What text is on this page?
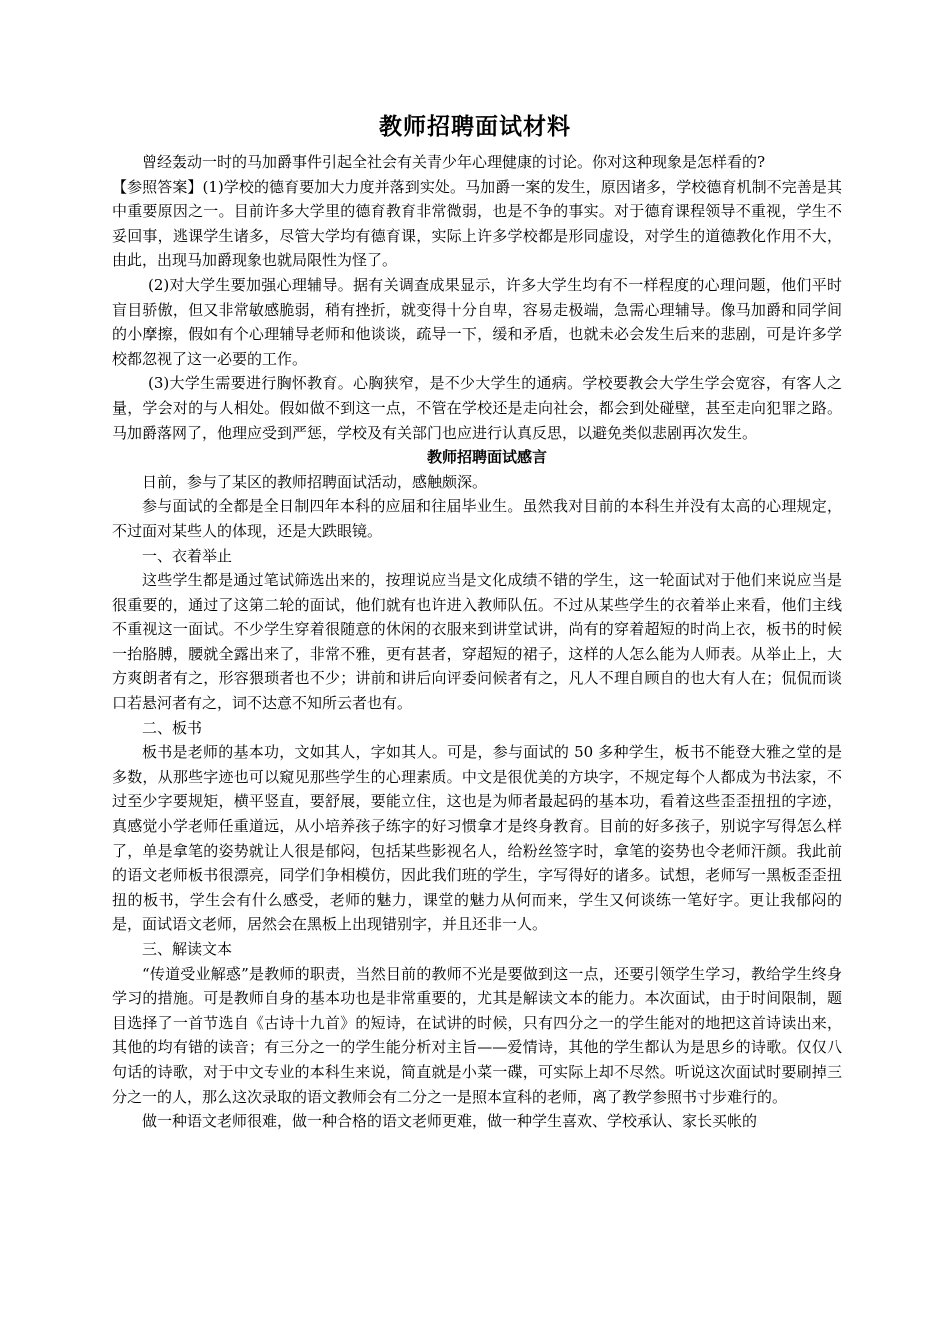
教师招聘面试材料

曾经轰动一时的马加爵事件引起全社会有关青少年心理健康的讨论。你对这种现象是怎样看的?

【参照答案】(1)学校的德育要加大力度并落到实处。马加爵一案的发生，原因诸多，学校德育机制不完善是其中重要原因之一。目前许多大学里的德育教育非常微弱，也是不争的事实。对于德育课程领导不重视，学生不妥回事，逃课学生诸多，尽管大学均有德育课，实际上许多学校都是形同虚设，对学生的道德教化作用不大，由此，出现马加爵现象也就局限性为怪了。

(2)对大学生要加强心理辅导。据有关调查成果显示，许多大学生均有不一样程度的心理问题，他们平时盲目骄傲，但又非常敏感脆弱，稍有挫折，就变得十分自卑，容易走极端，急需心理辅导。像马加爵和同学间的小摩擦，假如有个心理辅导老师和他谈谈，疏导一下，缓和矛盾，也就未必会发生后来的悲剧，可是许多学校都忽视了这一必要的工作。

(3)大学生需要进行胸怀教育。心胸狭窄，是不少大学生的通病。学校要教会大学生学会宽容，有客人之量，学会对的与人相处。假如做不到这一点，不管在学校还是走向社会，都会到处碰壁，甚至走向犯罪之路。马加爵落网了，他理应受到严惩，学校及有关部门也应进行认真反思，以避免类似悲剧再次发生。

教师招聘面试感言

日前，参与了某区的教师招聘面试活动，感触颇深。

参与面试的全都是全日制四年本科的应届和往届毕业生。虽然我对目前的本科生并没有太高的心理规定，不过面对某些人的体现，还是大跌眼镜。

一、衣着举止

这些学生都是通过笔试筛选出来的，按理说应当是文化成绩不错的学生，这一轮面试对于他们来说应当是很重要的，通过了这第二轮的面试，他们就有也许进入教师队伍。不过从某些学生的衣着举止来看，他们主线不重视这一面试。不少学生穿着很随意的休闲的衣服来到讲堂试讲，尚有的穿着超短的时尚上衣，板书的时候一抬胳膊，腰就全露出来了，非常不雅，更有甚者，穿超短的裙子，这样的人怎么能为人师表。从举止上，大方爽朗者有之，形容猥琐者也不少；讲前和讲后向评委问候者有之，凡人不理自顾自的也大有人在；侃侃而谈口若悬河者有之，词不达意不知所云者也有。

二、板书

板书是老师的基本功，文如其人，字如其人。可是，参与面试的 50 多种学生，板书不能登大雅之堂的是多数，从那些字迹也可以窥见那些学生的心理素质。中文是很优美的方块字，不规定每个人都成为书法家，不过至少字要规矩，横平竖直，要舒展，要能立住，这也是为师者最起码的基本功，看着这些歪歪扭扭的字迹，真感觉小学老师任重道远，从小培养孩子练字的好习惯拿才是终身教育。目前的好多孩子，别说字写得怎么样了，单是拿笔的姿势就让人很是郁闷，包括某些影视名人，给粉丝签字时，拿笔的姿势也令老师汗颜。我此前的语文老师板书很漂亮，同学们争相模仿，因此我们班的学生，字写得好的诸多。试想，老师写一黑板歪歪扭扭的板书，学生会有什么感受，老师的魅力，课堂的魅力从何而来，学生又何谈练一笔好字。更让我郁闷的是，面试语文老师，居然会在黑板上出现错别字，并且还非一人。

三、解读文本

“传道受业解惑”是教师的职责，当然目前的教师不光是要做到这一点，还要引领学生学习，教给学生终身学习的措施。可是教师自身的基本功也是非常重要的，尤其是解读文本的能力。本次面试，由于时间限制，题目选择了一首节选自《古诗十九首》的短诗，在试讲的时候，只有四分之一的学生能对的地把这首诗读出来，其他的均有错的读音；有三分之一的学生能分析对主旨——爱情诗，其他的学生都认为是思乡的诗歌。仅仅八句话的诗歌，对于中文专业的本科生来说，简直就是小菜一碟，可实际上却不尽然。听说这次面试时要刷掉三分之一的人，那么这次录取的语文教师会有二分之一是照本宣科的老师，离了教学参照书寸步难行的。

做一种语文老师很难，做一种合格的语文老师更难，做一种学生喜欢、学校承认、家长买帐的
